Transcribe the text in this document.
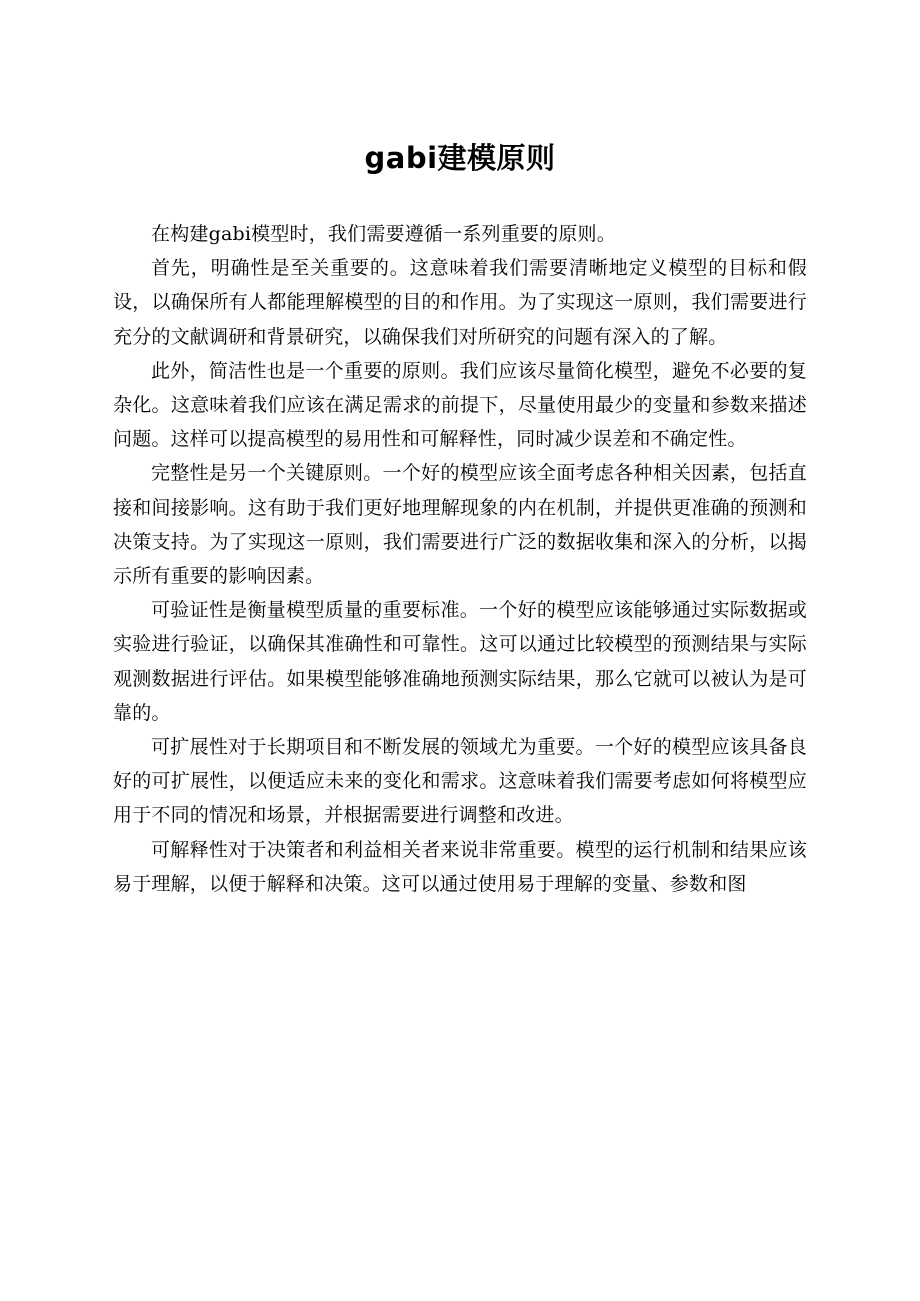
gabi建模原则

在构建gabi模型时，我们需要遵循一系列重要的原则。

首先，明确性是至关重要的。这意味着我们需要清晰地定义模型的目标和假设，以确保所有人都能理解模型的目的和作用。为了实现这一原则，我们需要进行充分的文献调研和背景研究，以确保我们对所研究的问题有深入的了解。

此外，简洁性也是一个重要的原则。我们应该尽量简化模型，避免不必要的复杂化。这意味着我们应该在满足需求的前提下，尽量使用最少的变量和参数来描述问题。这样可以提高模型的易用性和可解释性，同时减少误差和不确定性。

完整性是另一个关键原则。一个好的模型应该全面考虑各种相关因素，包括直接和间接影响。这有助于我们更好地理解现象的内在机制，并提供更准确的预测和决策支持。为了实现这一原则，我们需要进行广泛的数据收集和深入的分析，以揭示所有重要的影响因素。

可验证性是衡量模型质量的重要标准。一个好的模型应该能够通过实际数据或实验进行验证，以确保其准确性和可靠性。这可以通过比较模型的预测结果与实际观测数据进行评估。如果模型能够准确地预测实际结果，那么它就可以被认为是可靠的。

可扩展性对于长期项目和不断发展的领域尤为重要。一个好的模型应该具备良好的可扩展性，以便适应未来的变化和需求。这意味着我们需要考虑如何将模型应用于不同的情况和场景，并根据需要进行调整和改进。

可解释性对于决策者和利益相关者来说非常重要。模型的运行机制和结果应该易于理解，以便于解释和决策。这可以通过使用易于理解的变量、参数和图
